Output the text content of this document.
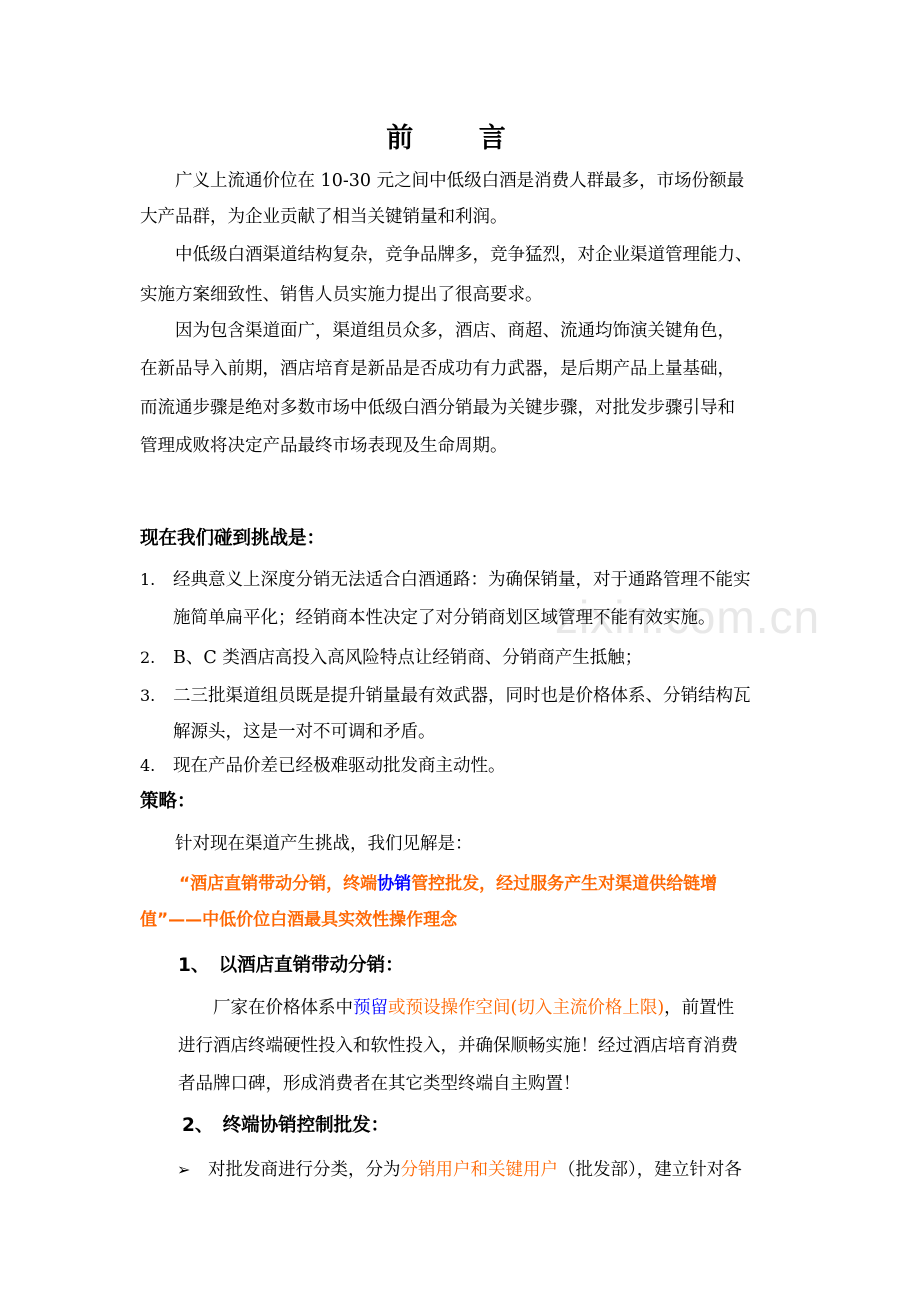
zixin.com.cn
前 言
广义上流通价位在 10-30 元之间中低级白酒是消费人群最多，市场份额最
大产品群，为企业贡献了相当关键销量和利润。
中低级白酒渠道结构复杂，竞争品牌多，竞争猛烈，对企业渠道管理能力、
实施方案细致性、销售人员实施力提出了很高要求。
因为包含渠道面广，渠道组员众多，酒店、商超、流通均饰演关键角色，
在新品导入前期，酒店培育是新品是否成功有力武器，是后期产品上量基础，
而流通步骤是绝对多数市场中低级白酒分销最为关键步骤，对批发步骤引导和
管理成败将决定产品最终市场表现及生命周期。
现在我们碰到挑战是：
1. 经典意义上深度分销无法适合白酒通路：为确保销量，对于通路管理不能实
施简单扁平化；经销商本性决定了对分销商划区域管理不能有效实施。
2. B、C 类酒店高投入高风险特点让经销商、分销商产生抵触；
3. 二三批渠道组员既是提升销量最有效武器，同时也是价格体系、分销结构瓦
解源头，这是一对不可调和矛盾。
4. 现在产品价差已经极难驱动批发商主动性。
策略：
针对现在渠道产生挑战，我们见解是：
“酒店直销带动分销，终端协销管控批发，经过服务产生对渠道供给链增
值”——中低价位白酒最具实效性操作理念
1、　以酒店直销带动分销：
厂家在价格体系中预留或预设操作空间(切入主流价格上限)，前置性
进行酒店终端硬性投入和软性投入，并确保顺畅实施！经过酒店培育消费
者品牌口碑，形成消费者在其它类型终端自主购置！
2、　终端协销控制批发：
➢ 对批发商进行分类，分为分销用户和关键用户（批发部），建立针对各
